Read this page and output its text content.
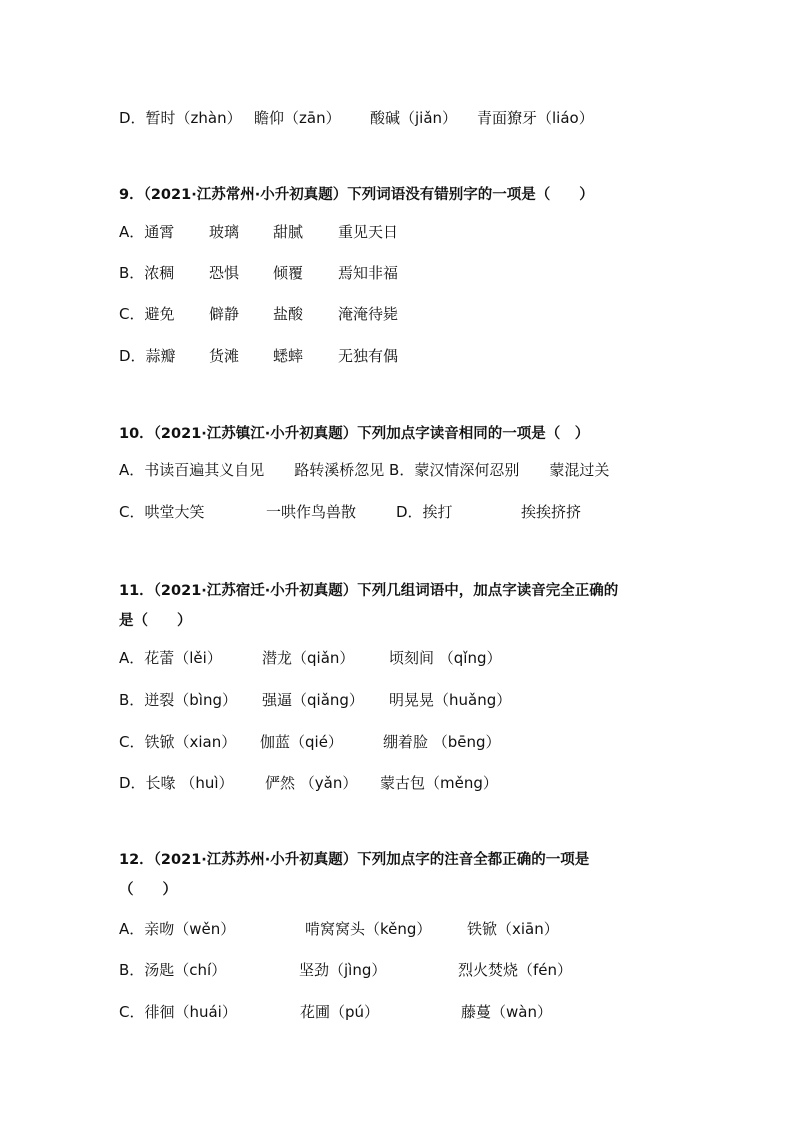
D．暂时（zhàn） 瞻仰（zān） 酸碱（jiǎn） 青面獠牙（liáo）
9．（2021·江苏常州·小升初真题）下列词语没有错别字的一项是（　　）
A．通霄 玻璃 甜腻 重见天日
B．浓稠 恐惧 倾覆 焉知非福
C．避免 僻静 盐酸 淹淹待毙
D．蒜瓣 货滩 蟋蟀 无独有偶
10．（2021·江苏镇江·小升初真题）下列加点字读音相同的一项是（　）
A．书读百遍其义自见　　路转溪桥忽见 B．蒙汉情深何忍别　　蒙混过关
C．哄堂大笑	一哄作鸟兽散	D．挨打	挨挨挤挤
11．（2021·江苏宿迁·小升初真题）下列几组词语中，加点字读音完全正确的
是（　　）
A．花蕾（lěi）	潜龙（qiǎn） 顷刻间 （qǐng）
B．迸裂（bìng） 强逼（qiǎng） 明晃晃（huǎng）
C．铁锨（xian） 伽蓝（qié）	绷着脸 （bēng）
D．长喙 （huì） 俨然 （yǎn） 蒙古包（měng）
12．（2021·江苏苏州·小升初真题）下列加点字的注音全都正确的一项是
（　　）
A．亲吻（wěn）	啃窝窝头（kěng） 铁锨（xiān）
B．汤匙（chí）	坚劲（jìng）	烈火焚烧（fén）
C．徘徊（huái）	花圃（pú）	藤蔓（wàn）
